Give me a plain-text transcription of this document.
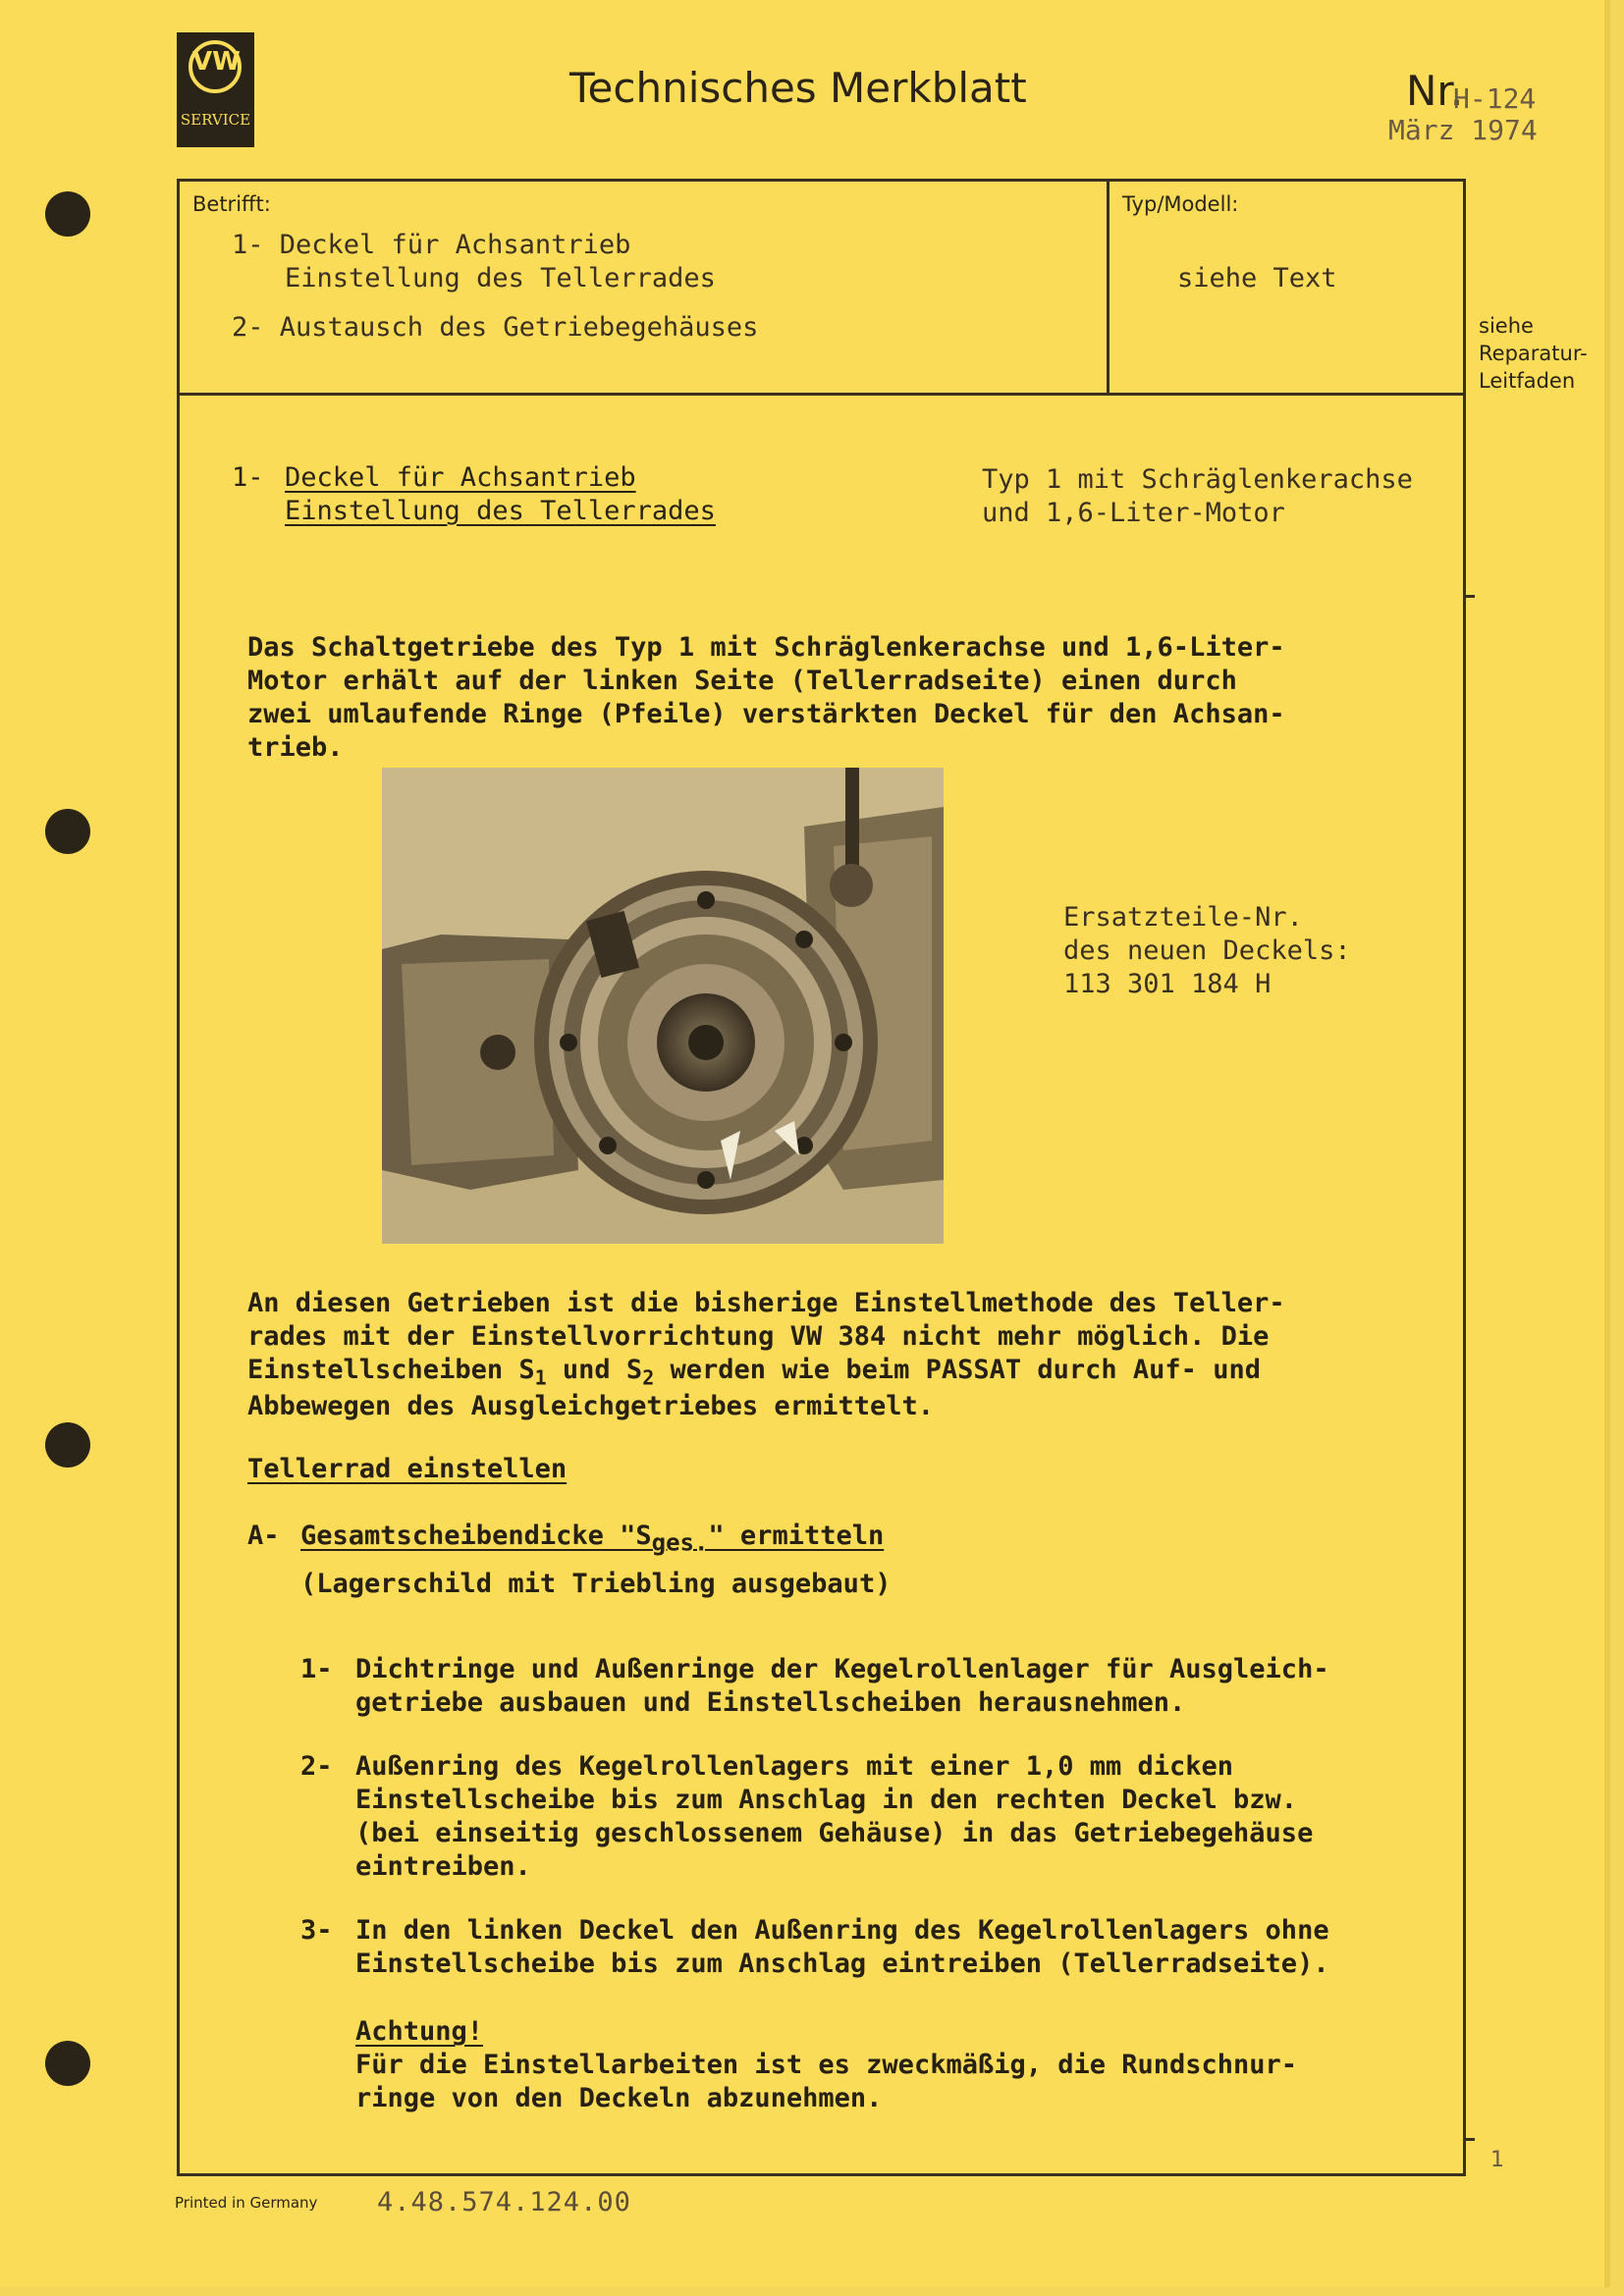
VW
SERVICE
Technisches Merkblatt	Nr.
H-124
März 1974
Betrifft:
1- Deckel für Achsantrieb
Einstellung des Tellerrades
2- Austausch des Getriebegehäuses
Typ/Modell:
siehe Text
siehe
Reparatur-
Leitfaden
1- Deckel für Achsantrieb
Einstellung des Tellerrades
Typ 1 mit Schräglenkerachse
und 1,6-Liter-Motor
Das Schaltgetriebe des Typ 1 mit Schräglenkerachse und 1,6-Liter-
Motor erhält auf der linken Seite (Tellerradseite) einen durch
zwei umlaufende Ringe (Pfeile) verstärkten Deckel für den Achsan-
trieb.
Ersatzteile-Nr.
des neuen Deckels:
113 301 184 H
An diesen Getrieben ist die bisherige Einstellmethode des Teller-
rades mit der Einstellvorrichtung VW 384 nicht mehr möglich. Die
Einstellscheiben $S_1$ und $S_2$ werden wie beim PASSAT durch Auf- und
Abbewegen des Ausgleichgetriebes ermittelt.
Tellerrad einstellen
A- Gesamtscheibendicke "$S_{ges.}$" ermitteln
(Lagerschild mit Triebling ausgebaut)
1- Dichtringe und Außenringe der Kegelrollenlager für Ausgleich-
getriebe ausbauen und Einstellscheiben herausnehmen.
2- Außenring des Kegelrollenlagers mit einer 1,0 mm dicken
Einstellscheibe bis zum Anschlag in den rechten Deckel bzw.
(bei einseitig geschlossenem Gehäuse) in das Getriebegehäuse
eintreiben.
3- In den linken Deckel den Außenring des Kegelrollenlagers ohne
Einstellscheibe bis zum Anschlag eintreiben (Tellerradseite).
Achtung!
Für die Einstellarbeiten ist es zweckmäßig, die Rundschnur-
ringe von den Deckeln abzunehmen.
1
Printed in Germany 4.48.574.124.00
